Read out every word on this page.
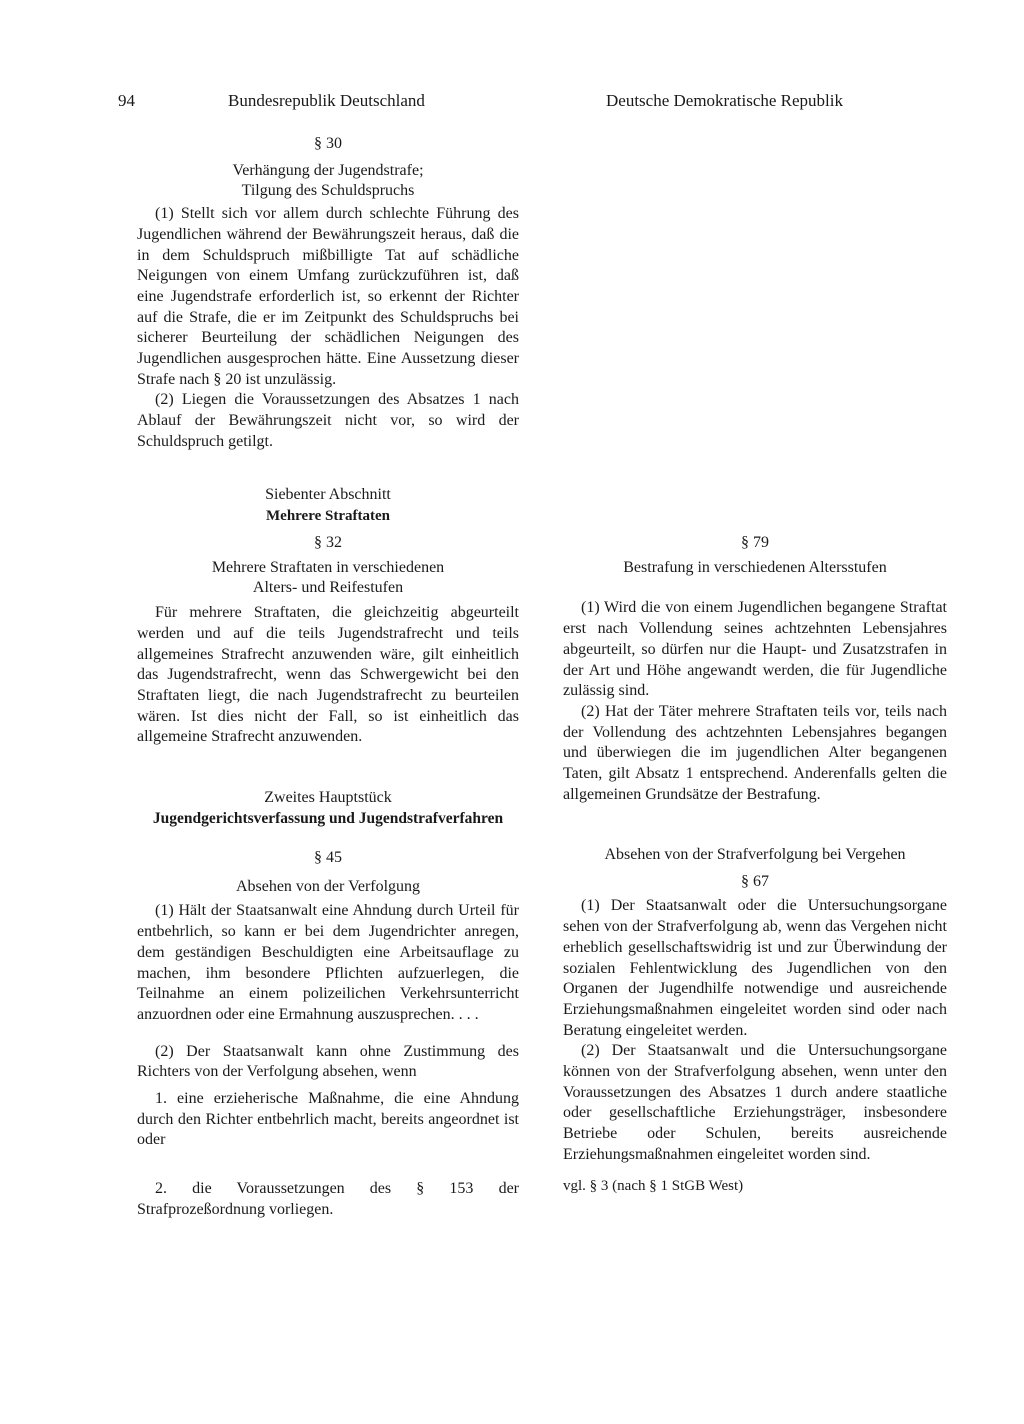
94	Bundesrepublik Deutschland	Deutsche Demokratische Republik

§ 30

Verhängung der Jugendstrafe;

Tilgung des Schuldspruchs

(1) Stellt sich vor allem durch schlechte Führung des Jugendlichen während der Bewährungszeit heraus, daß die in dem Schuldspruch mißbilligte Tat auf schädliche Neigungen von einem Umfang zurückzuführen ist, daß eine Jugendstrafe erforderlich ist, so erkennt der Richter auf die Strafe, die er im Zeitpunkt des Schuldspruchs bei sicherer Beurteilung der schädlichen Neigungen des Jugendlichen ausgesprochen hätte. Eine Aussetzung dieser Strafe nach § 20 ist unzulässig.

(2) Liegen die Voraussetzungen des Absatzes 1 nach Ablauf der Bewährungszeit nicht vor, so wird der Schuldspruch getilgt.

Siebenter Abschnitt

Mehrere Straftaten

§ 32

Mehrere Straftaten in verschiedenen

Alters- und Reifestufen

Für mehrere Straftaten, die gleichzeitig abgeurteilt werden und auf die teils Jugendstrafrecht und teils allgemeines Strafrecht anzuwenden wäre, gilt einheitlich das Jugendstrafrecht, wenn das Schwergewicht bei den Straftaten liegt, die nach Jugendstrafrecht zu beurteilen wären. Ist dies nicht der Fall, so ist einheitlich das allgemeine Strafrecht anzuwenden.

Zweites Hauptstück

Jugendgerichtsverfassung und Jugendstrafverfahren

§ 45

Absehen von der Verfolgung

(1) Hält der Staatsanwalt eine Ahndung durch Urteil für entbehrlich, so kann er bei dem Jugendrichter anregen, dem geständigen Beschuldigten eine Arbeitsauflage zu machen, ihm besondere Pflichten aufzuerlegen, die Teilnahme an einem polizeilichen Verkehrsunterricht anzuordnen oder eine Ermahnung auszusprechen. . . .

(2) Der Staatsanwalt kann ohne Zustimmung des Richters von der Verfolgung absehen, wenn

1. eine erzieherische Maßnahme, die eine Ahndung durch den Richter entbehrlich macht, bereits angeordnet ist oder

2. die Voraussetzungen des § 153 der Strafprozeßordnung vorliegen.

§ 79

Bestrafung in verschiedenen Altersstufen

(1) Wird die von einem Jugendlichen begangene Straftat erst nach Vollendung seines achtzehnten Lebensjahres abgeurteilt, so dürfen nur die Haupt- und Zusatzstrafen in der Art und Höhe angewandt werden, die für Jugendliche zulässig sind.

(2) Hat der Täter mehrere Straftaten teils vor, teils nach der Vollendung des achtzehnten Lebensjahres begangen und überwiegen die im jugendlichen Alter begangenen Taten, gilt Absatz 1 entsprechend. Anderenfalls gelten die allgemeinen Grundsätze der Bestrafung.

Absehen von der Strafverfolgung bei Vergehen

§ 67

(1) Der Staatsanwalt oder die Untersuchungsorgane sehen von der Strafverfolgung ab, wenn das Vergehen nicht erheblich gesellschaftswidrig ist und zur Überwindung der sozialen Fehlentwicklung des Jugendlichen von den Organen der Jugendhilfe notwendige und ausreichende Erziehungsmaßnahmen eingeleitet worden sind oder nach Beratung eingeleitet werden.

(2) Der Staatsanwalt und die Untersuchungsorgane können von der Strafverfolgung absehen, wenn unter den Voraussetzungen des Absatzes 1 durch andere staatliche oder gesellschaftliche Erziehungsträger, insbesondere Betriebe oder Schulen, bereits ausreichende Erziehungsmaßnahmen eingeleitet worden sind.

vgl. § 3 (nach § 1 StGB West)
